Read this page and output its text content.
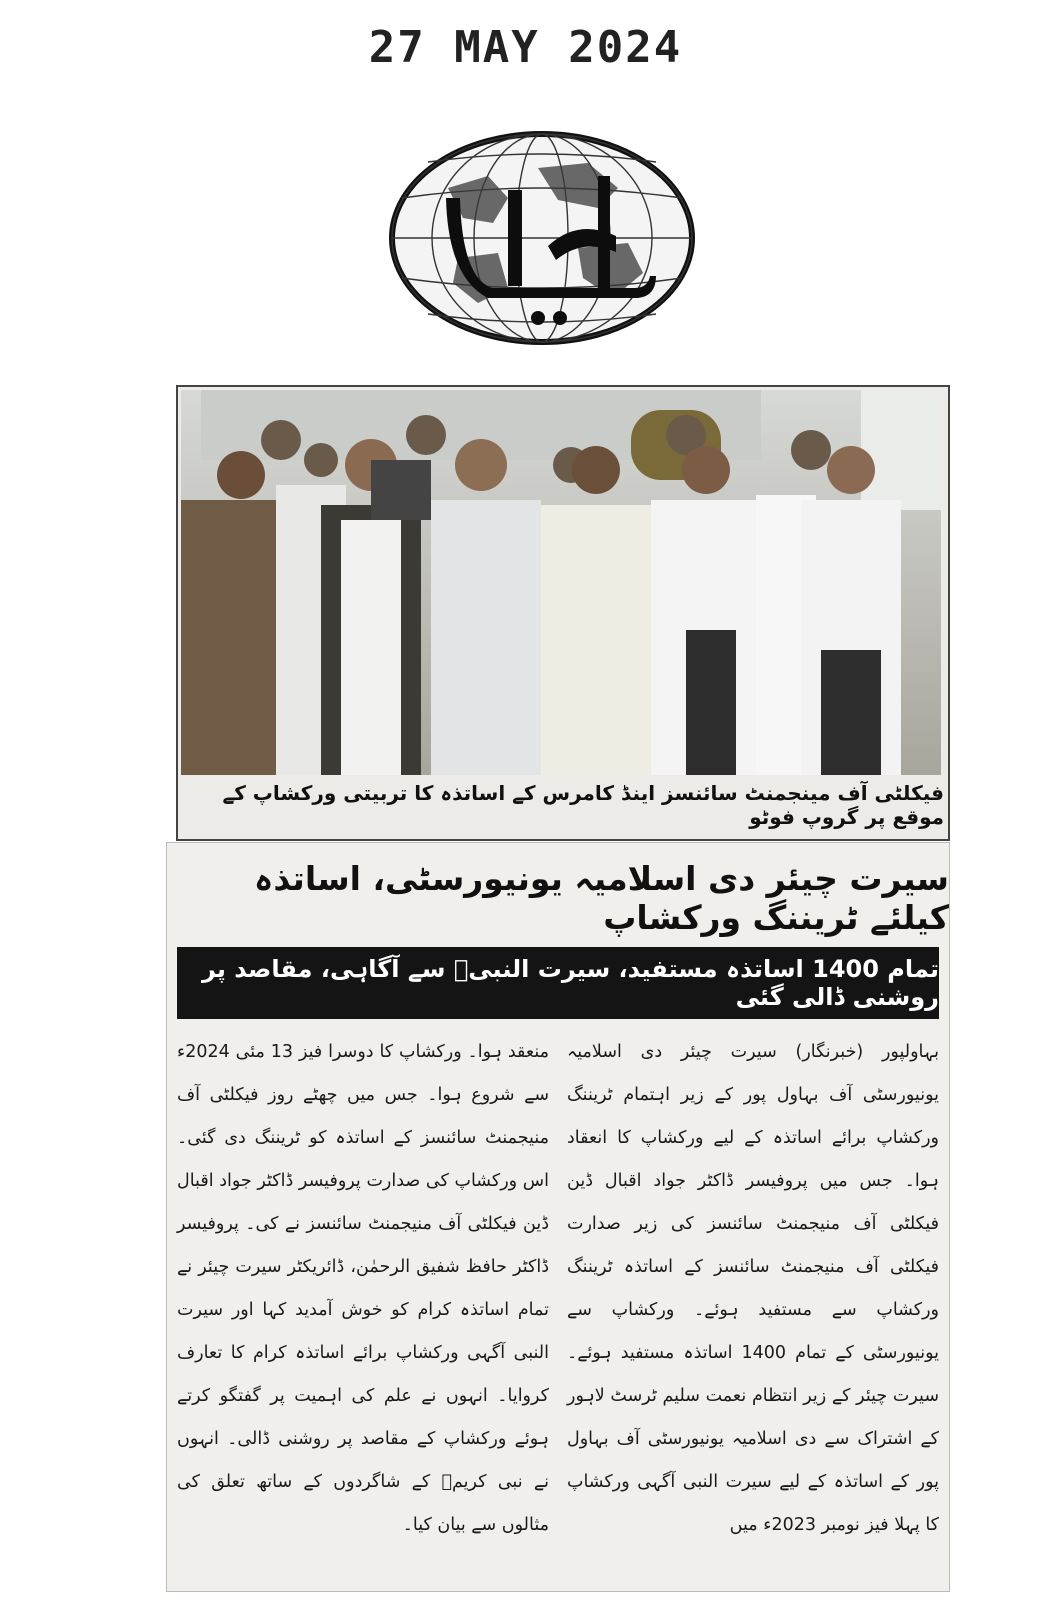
27 MAY 2024
فیکلٹی آف مینجمنٹ سائنسز اینڈ کامرس کے اساتذہ کا تربیتی ورکشاپ کے موقع پر گروپ فوٹو
سیرت چیئر دی اسلامیہ یونیورسٹی، اساتذہ کیلئے ٹریننگ ورکشاپ
تمام 1400 اساتذہ مستفید، سیرت النبیؐ سے آگاہی، مقاصد پر روشنی ڈالی گئی

بہاولپور (خبرنگار) سیرت چیئر دی اسلامیہ یونیورسٹی آف بہاول پور کے زیر اہتمام ٹریننگ ورکشاپ برائے اساتذہ کے لیے ورکشاپ کا انعقاد ہوا۔ جس میں پروفیسر ڈاکٹر جواد اقبال ڈین فیکلٹی آف منیجمنٹ سائنسز کی زیر صدارت فیکلٹی آف منیجمنٹ سائنسز کے اساتذہ ٹریننگ ورکشاپ سے مستفید ہوئے۔ ورکشاپ سے یونیورسٹی کے تمام 1400 اساتذہ مستفید ہوئے۔ سیرت چیئر کے زیر انتظام نعمت سلیم ٹرسٹ لاہور کے اشتراک سے دی اسلامیہ یونیورسٹی آف بہاول پور کے اساتذہ کے لیے سیرت النبی آگہی ورکشاپ کا پہلا فیز نومبر 2023ء میں

منعقد ہوا۔ ورکشاپ کا دوسرا فیز 13 مئی 2024ء سے شروع ہوا۔ جس میں چھٹے روز فیکلٹی آف منیجمنٹ سائنسز کے اساتذہ کو ٹریننگ دی گئی۔ اس ورکشاپ کی صدارت پروفیسر ڈاکٹر جواد اقبال ڈین فیکلٹی آف منیجمنٹ سائنسز نے کی۔ پروفیسر ڈاکٹر حافظ شفیق الرحمٰن، ڈائریکٹر سیرت چیئر نے تمام اساتذہ کرام کو خوش آمدید کہا اور سیرت النبی آگہی ورکشاپ برائے اساتذہ کرام کا تعارف کروایا۔ انہوں نے علم کی اہمیت پر گفتگو کرتے ہوئے ورکشاپ کے مقاصد پر روشنی ڈالی۔ انہوں نے نبی کریمؐ کے شاگردوں کے ساتھ تعلق کی مثالوں سے بیان کیا۔
